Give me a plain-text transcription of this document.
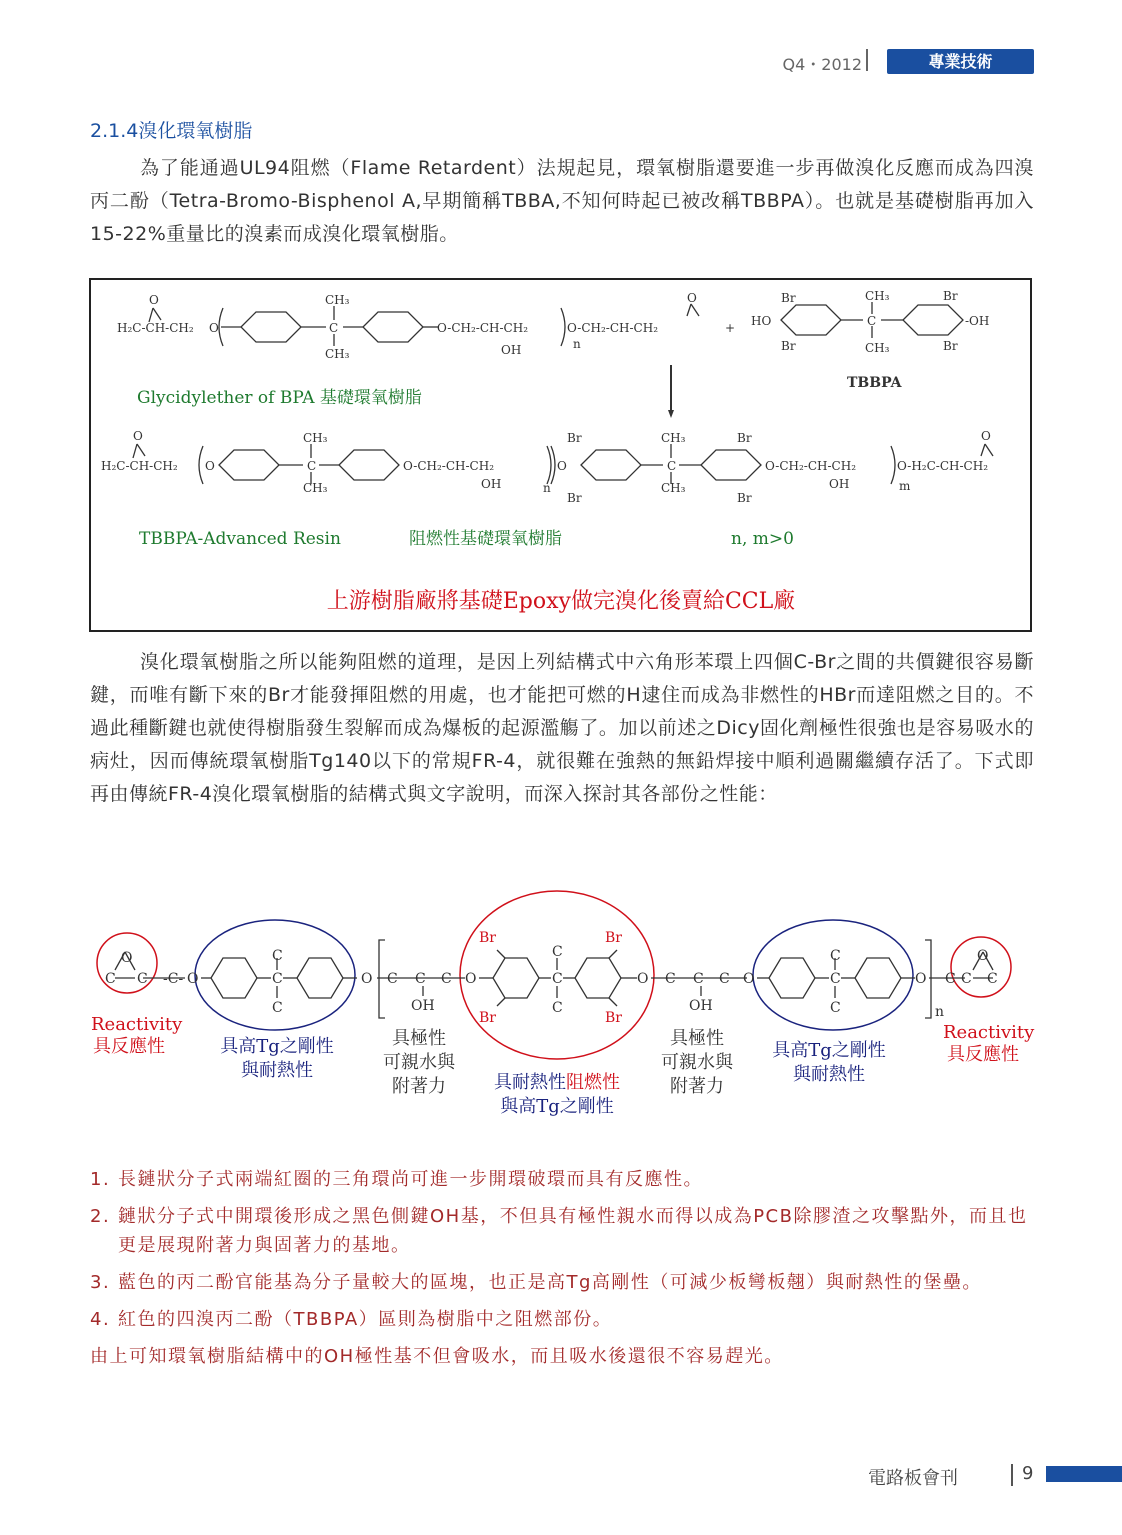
Q4・2012	專業技術
2.1.4溴化環氧樹脂
為了能通過UL94阻燃（Flame Retardent）法規起見，環氧樹脂還要進一步再做溴化反應而成為四溴丙二酚（Tetra-Bromo-Bisphenol A,早期簡稱TBBA,不知何時起已被改稱TBBPA）。也就是基礎樹脂再加入15-22%重量比的溴素而成溴化環氧樹脂。
H₂C-CH-CH₂
O
O
CH₃
C
CH₃
O-CH₂-CH-CH₂
OH
O-CH₂-CH-CH₂
n
O
+ HO	-OH
Br
Br
Br
Br
CH₃
C
CH₃
H₂C-CH-CH₂
O
O
CH₃
C
CH₃
O-CH₂-CH-CH₂
OH	n
O
Br
Br
Br
Br
CH₃
C
CH₃
O-CH₂-CH-CH₂
OH
O-H₂C-CH-CH₂
m
O
Glycidylether of BPA 基礎環氧樹脂
TBBPA
TBBPA-Advanced Resin	阻燃性基礎環氧樹脂	n, m>0
上游樹脂廠將基礎Epoxy做完溴化後賣給CCL廠
溴化環氧樹脂之所以能夠阻燃的道理，是因上列結構式中六角形苯環上四個C-Br之間的共價鍵很容易斷鍵，而唯有斷下來的Br才能發揮阻燃的用處，也才能把可燃的H逮住而成為非燃性的HBr而達阻燃之目的。不過此種斷鍵也就使得樹脂發生裂解而成為爆板的起源濫觴了。加以前述之Dicy固化劑極性很強也是容易吸水的病灶，因而傳統環氧樹脂Tg140以下的常規FR-4，就很難在強熱的無鉛焊接中順利過關繼續存活了。下式即再由傳統FR-4溴化環氧樹脂的結構式與文字說明，而深入探討其各部份之性能：
O
C C -C- O
C
C
C
O C C C O
OH
Br
Br
Br
Br
C
C
C
O C C C O
OH
C
C
C
O
n
C C C
O
Reactivity
具反應性	具高Tg之剛性
與耐熱性
具極性
可親水與
附著力	具耐熱性阻燃性
與高Tg之剛性
具極性
可親水與
附著力
具高Tg之剛性
與耐熱性
Reactivity
具反應性
1. 長鏈狀分子式兩端紅圈的三角環尚可進一步開環破環而具有反應性。
2. 鏈狀分子式中開環後形成之黑色側鍵OH基，不但具有極性親水而得以成為PCB除膠渣之攻擊點外，而且也更是展現附著力與固著力的基地。
3. 藍色的丙二酚官能基為分子量較大的區塊，也正是高Tg高剛性（可減少板彎板翹）與耐熱性的堡壘。
4. 紅色的四溴丙二酚（TBBPA）區則為樹脂中之阻燃部份。
由上可知環氧樹脂結構中的OH極性基不但會吸水，而且吸水後還很不容易趕光。
電路板會刊	9
